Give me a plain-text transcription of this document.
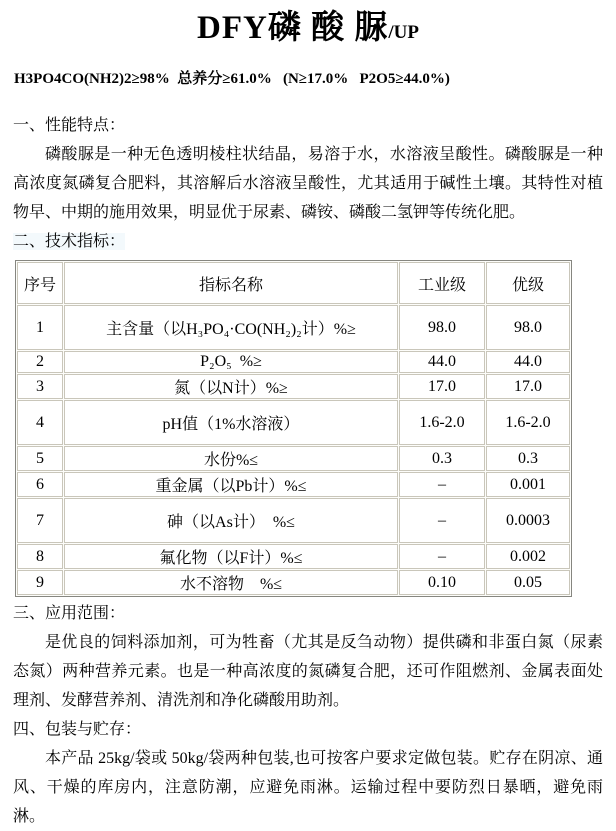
DFY磷 酸 脲/UP
H3PO4CO(NH2)2≥98%  总养分≥61.0%   (N≥17.0%   P2O5≥44.0%)
一、性能特点：

磷酸脲是一种无色透明棱柱状结晶，易溶于水，水溶液呈酸性。磷酸脲是一种高浓度氮磷复合肥料，其溶解后水溶液呈酸性，尤其适用于碱性土壤。其特性对植物早、中期的施用效果，明显优于尿素、磷铵、磷酸二氢钾等传统化肥。

二、技术指标：
序号	指标名称	工业级	优级
1	主含量（以H₃PO₄·CO(NH₂)₂计）%≥	98.0	98.0
2	P₂O₅  %≥	44.0	44.0
3	氮（以N计）%≥	17.0	17.0
4	pH值（1%水溶液）	1.6-2.0	1.6-2.0
5	水份%≤	0.3	0.3
6	重金属（以Pb计）%≤	–	0.001
7	砷（以As计）　%≤	–	0.0003
8	氟化物（以F计）%≤	–	0.002
9	水不溶物　%≤	0.10	0.05
三、应用范围：

是优良的饲料添加剂，可为牲畜（尤其是反刍动物）提供磷和非蛋白氮（尿素态氮）两种营养元素。也是一种高浓度的氮磷复合肥，还可作阻燃剂、金属表面处理剂、发酵营养剂、清洗剂和净化磷酸用助剂。

四、包装与贮存：

本产品 25kg/袋或 50kg/袋两种包装,也可按客户要求定做包装。贮存在阴凉、通风、干燥的库房内，注意防潮，应避免雨淋。运输过程中要防烈日暴晒，避免雨淋。
